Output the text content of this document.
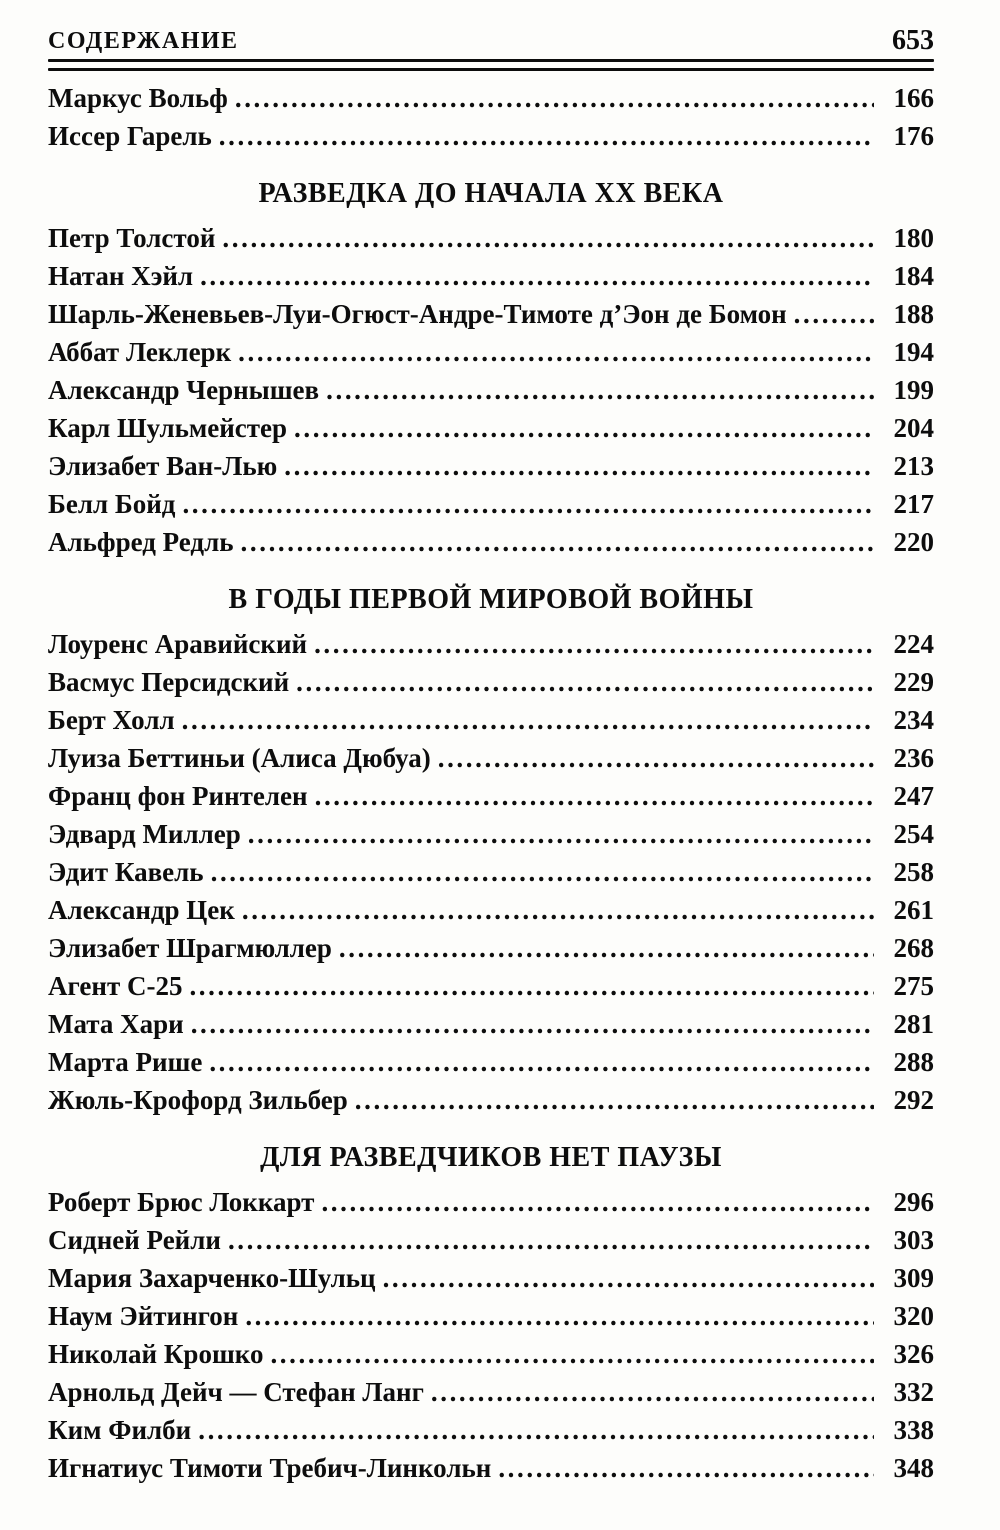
СОДЕРЖАНИЕ	653
Маркус Вольф .....	166
Иссер Гарель .....	176
РАЗВЕДКА ДО НАЧАЛА XX ВЕКА
Петр Толстой .....	180
Натан Хэйл .....	184
Шарль-Женевьев-Луи-Огюст-Андре-Тимоте д’Эон де Бомон .....	188
Аббат Леклерк .....	194
Александр Чернышев .....	199
Карл Шульмейстер .....	204
Элизабет Ван-Лью .....	213
Белл Бойд .....	217
Альфред Редль .....	220
В ГОДЫ ПЕРВОЙ МИРОВОЙ ВОЙНЫ
Лоуренс Аравийский .....	224
Васмус Персидский .....	229
Берт Холл .....	234
Луиза Беттиньи (Алиса Дюбуа) .....	236
Франц фон Ринтелен .....	247
Эдвард Миллер .....	254
Эдит Кавель .....	258
Александр Цек .....	261
Элизабет Шрагмюллер .....	268
Агент С-25 .....	275
Мата Хари .....	281
Марта Рише .....	288
Жюль-Крофорд Зильбер .....	292
ДЛЯ РАЗВЕДЧИКОВ НЕТ ПАУЗЫ
Роберт Брюс Локкарт .....	296
Сидней Рейли .....	303
Мария Захарченко-Шульц .....	309
Наум Эйтингон .....	320
Николай Крошко .....	326
Арнольд Дейч — Стефан Ланг .....	332
Ким Филби .....	338
Игнатиус Тимоти Требич-Линкольн .....	348
